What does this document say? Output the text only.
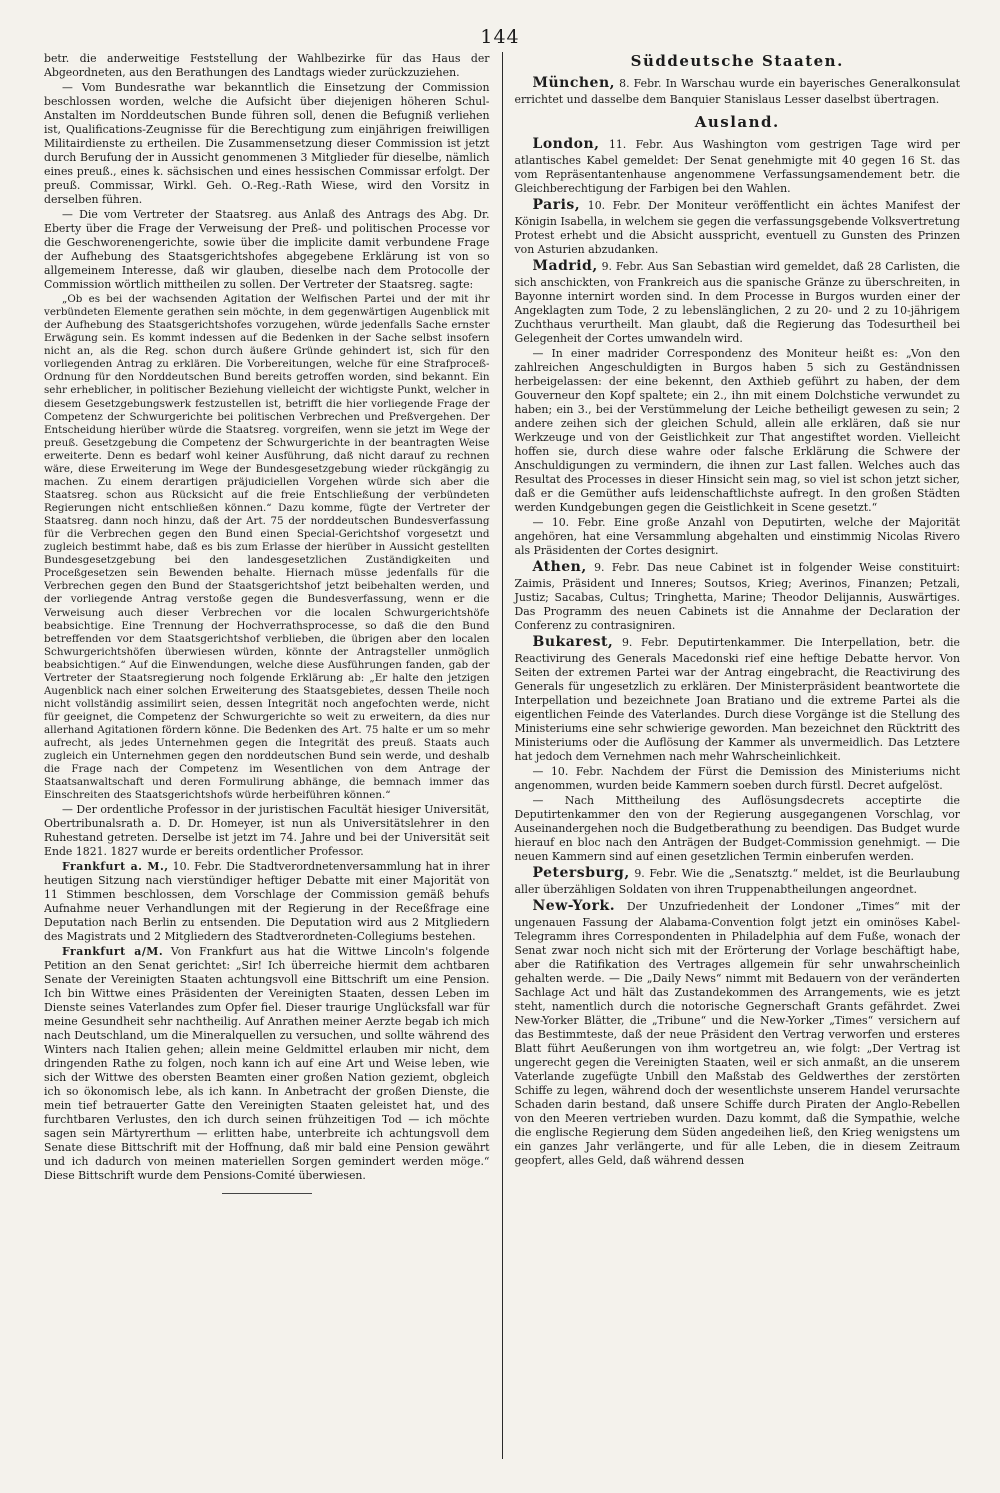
144

betr. die anderweitige Feststellung der Wahlbezirke für das Haus der Abgeordneten, aus den Berathungen des Landtags wieder zurückzuziehen.

— Vom Bundesrathe war bekanntlich die Einsetzung der Commission beschlossen worden, welche die Aufsicht über diejenigen höheren Schul-Anstalten im Norddeutschen Bunde führen soll, denen die Befugniß verliehen ist, Qualifications-Zeugnisse für die Berechtigung zum einjährigen freiwilligen Militairdienste zu ertheilen. Die Zusammensetzung dieser Commission ist jetzt durch Berufung der in Aussicht genommenen 3 Mitglieder für dieselbe, nämlich eines preuß., eines k. sächsischen und eines hessischen Commissar erfolgt. Der preuß. Commissar, Wirkl. Geh. O.-Reg.-Rath Wiese, wird den Vorsitz in derselben führen.

— Die vom Vertreter der Staatsreg. aus Anlaß des Antrags des Abg. Dr. Eberty über die Frage der Verweisung der Preß- und politischen Processe vor die Geschworenengerichte, sowie über die implicite damit verbundene Frage der Aufhebung des Staatsgerichtshofes abgegebene Erklärung ist von so allgemeinem Interesse, daß wir glauben, dieselbe nach dem Protocolle der Commission wörtlich mittheilen zu sollen. Der Vertreter der Staatsreg. sagte:

„Ob es bei der wachsenden Agitation der Welfischen Partei und der mit ihr verbündeten Elemente gerathen sein möchte, in dem gegenwärtigen Augenblick mit der Aufhebung des Staatsgerichtshofes vorzugehen, würde jedenfalls Sache ernster Erwägung sein. Es kommt indessen auf die Bedenken in der Sache selbst insofern nicht an, als die Reg. schon durch äußere Gründe gehindert ist, sich für den vorliegenden Antrag zu erklären. Die Vorbereitungen, welche für eine Strafproceß-Ordnung für den Norddeutschen Bund bereits getroffen worden, sind bekannt. Ein sehr erheblicher, in politischer Beziehung vielleicht der wichtigste Punkt, welcher in diesem Gesetzgebungswerk festzustellen ist, betrifft die hier vorliegende Frage der Competenz der Schwurgerichte bei politischen Verbrechen und Preßvergehen. Der Entscheidung hierüber würde die Staatsreg. vorgreifen, wenn sie jetzt im Wege der preuß. Gesetzgebung die Competenz der Schwurgerichte in der beantragten Weise erweiterte. Denn es bedarf wohl keiner Ausführung, daß nicht darauf zu rechnen wäre, diese Erweiterung im Wege der Bundesgesetzgebung wieder rückgängig zu machen. Zu einem derartigen präjudiciellen Vorgehen würde sich aber die Staatsreg. schon aus Rücksicht auf die freie Entschließung der verbündeten Regierungen nicht entschließen können.“ Dazu komme, fügte der Vertreter der Staatsreg. dann noch hinzu, daß der Art. 75 der norddeutschen Bundesverfassung für die Verbrechen gegen den Bund einen Special-Gerichtshof vorgesetzt und zugleich bestimmt habe, daß es bis zum Erlasse der hierüber in Aussicht gestellten Bundesgesetzgebung bei den landesgesetzlichen Zuständigkeiten und Proceßgesetzen sein Bewenden behalte. Hiernach müsse jedenfalls für die Verbrechen gegen den Bund der Staatsgerichtshof jetzt beibehalten werden, und der vorliegende Antrag verstoße gegen die Bundesverfassung, wenn er die Verweisung auch dieser Verbrechen vor die localen Schwurgerichtshöfe beabsichtige. Eine Trennung der Hochverrathsprocesse, so daß die den Bund betreffenden vor dem Staatsgerichtshof verblieben, die übrigen aber den localen Schwurgerichtshöfen überwiesen würden, könnte der Antragsteller unmöglich beabsichtigen.“ Auf die Einwendungen, welche diese Ausführungen fanden, gab der Vertreter der Staatsregierung noch folgende Erklärung ab: „Er halte den jetzigen Augenblick nach einer solchen Erweiterung des Staatsgebietes, dessen Theile noch nicht vollständig assimilirt seien, dessen Integrität noch angefochten werde, nicht für geeignet, die Competenz der Schwurgerichte so weit zu erweitern, da dies nur allerhand Agitationen fördern könne. Die Bedenken des Art. 75 halte er um so mehr aufrecht, als jedes Unternehmen gegen die Integrität des preuß. Staats auch zugleich ein Unternehmen gegen den norddeutschen Bund sein werde, und deshalb die Frage nach der Competenz im Wesentlichen von dem Antrage der Staatsanwaltschaft und deren Formulirung abhänge, die bemnach immer das Einschreiten des Staatsgerichtshofs würde herbeiführen können.“

— Der ordentliche Professor in der juristischen Facultät hiesiger Universität, Obertribunalsrath a. D. Dr. Homeyer, ist nun als Universitätslehrer in den Ruhestand getreten. Derselbe ist jetzt im 74. Jahre und bei der Universität seit Ende 1821. 1827 wurde er bereits ordentlicher Professor.

Frankfurt a. M., 10. Febr. Die Stadtverordnetenversammlung hat in ihrer heutigen Sitzung nach vierstündiger heftiger Debatte mit einer Majorität von 11 Stimmen beschlossen, dem Vorschlage der Commission gemäß behufs Aufnahme neuer Verhandlungen mit der Regierung in der Receßfrage eine Deputation nach Berlin zu entsenden. Die Deputation wird aus 2 Mitgliedern des Magistrats und 2 Mitgliedern des Stadtverordneten-Collegiums bestehen.

Frankfurt a/M. Von Frankfurt aus hat die Wittwe Lincoln's folgende Petition an den Senat gerichtet: „Sir! Ich überreiche hiermit dem achtbaren Senate der Vereinigten Staaten achtungsvoll eine Bittschrift um eine Pension. Ich bin Wittwe eines Präsidenten der Vereinigten Staaten, dessen Leben im Dienste seines Vaterlandes zum Opfer fiel. Dieser traurige Unglücksfall war für meine Gesundheit sehr nachtheilig. Auf Anrathen meiner Aerzte begab ich mich nach Deutschland, um die Mineralquellen zu versuchen, und sollte während des Winters nach Italien gehen; allein meine Geldmittel erlauben mir nicht, dem dringenden Rathe zu folgen, noch kann ich auf eine Art und Weise leben, wie sich der Wittwe des obersten Beamten einer großen Nation geziemt, obgleich ich so ökonomisch lebe, als ich kann. In Anbetracht der großen Dienste, die mein tief betrauerter Gatte den Vereinigten Staaten geleistet hat, und des furchtbaren Verlustes, den ich durch seinen frühzeitigen Tod — ich möchte sagen sein Märtyrerthum — erlitten habe, unterbreite ich achtungsvoll dem Senate diese Bittschrift mit der Hoffnung, daß mir bald eine Pension gewährt und ich dadurch von meinen materiellen Sorgen gemindert werden möge.“ Diese Bittschrift wurde dem Pensions-Comité überwiesen.

Süddeutsche Staaten.

München, 8. Febr. In Warschau wurde ein bayerisches Generalkonsulat errichtet und dasselbe dem Banquier Stanislaus Lesser daselbst übertragen.

Ausland.

London, 11. Febr. Aus Washington vom gestrigen Tage wird per atlantisches Kabel gemeldet: Der Senat genehmigte mit 40 gegen 16 St. das vom Repräsentantenhause angenommene Verfassungsamendement betr. die Gleichberechtigung der Farbigen bei den Wahlen.

Paris, 10. Febr. Der Moniteur veröffentlicht ein ächtes Manifest der Königin Isabella, in welchem sie gegen die verfassungsgebende Volksvertretung Protest erhebt und die Absicht ausspricht, eventuell zu Gunsten des Prinzen von Asturien abzudanken.

Madrid, 9. Febr. Aus San Sebastian wird gemeldet, daß 28 Carlisten, die sich anschickten, von Frankreich aus die spanische Gränze zu überschreiten, in Bayonne internirt worden sind. In dem Processe in Burgos wurden einer der Angeklagten zum Tode, 2 zu lebenslänglichen, 2 zu 20- und 2 zu 10-jährigem Zuchthaus verurtheilt. Man glaubt, daß die Regierung das Todesurtheil bei Gelegenheit der Cortes umwandeln wird.

— In einer madrider Correspondenz des Moniteur heißt es: „Von den zahlreichen Angeschuldigten in Burgos haben 5 sich zu Geständnissen herbeigelassen: der eine bekennt, den Axthieb geführt zu haben, der dem Gouverneur den Kopf spaltete; ein 2., ihn mit einem Dolchstiche verwundet zu haben; ein 3., bei der Verstümmelung der Leiche betheiligt gewesen zu sein; 2 andere zeihen sich der gleichen Schuld, allein alle erklären, daß sie nur Werkzeuge und von der Geistlichkeit zur That angestiftet worden. Vielleicht hoffen sie, durch diese wahre oder falsche Erklärung die Schwere der Anschuldigungen zu vermindern, die ihnen zur Last fallen. Welches auch das Resultat des Processes in dieser Hinsicht sein mag, so viel ist schon jetzt sicher, daß er die Gemüther aufs leidenschaftlichste aufregt. In den großen Städten werden Kundgebungen gegen die Geistlichkeit in Scene gesetzt.“

— 10. Febr. Eine große Anzahl von Deputirten, welche der Majorität angehören, hat eine Versammlung abgehalten und einstimmig Nicolas Rivero als Präsidenten der Cortes designirt.

Athen, 9. Febr. Das neue Cabinet ist in folgender Weise constituirt: Zaimis, Präsident und Inneres; Soutsos, Krieg; Averinos, Finanzen; Petzali, Justiz; Sacabas, Cultus; Tringhetta, Marine; Theodor Delijannis, Auswärtiges. Das Programm des neuen Cabinets ist die Annahme der Declaration der Conferenz zu contrasigniren.

Bukarest, 9. Febr. Deputirtenkammer. Die Interpellation, betr. die Reactivirung des Generals Macedonski rief eine heftige Debatte hervor. Von Seiten der extremen Partei war der Antrag eingebracht, die Reactivirung des Generals für ungesetzlich zu erklären. Der Ministerpräsident beantwortete die Interpellation und bezeichnete Joan Bratiano und die extreme Partei als die eigentlichen Feinde des Vaterlandes. Durch diese Vorgänge ist die Stellung des Ministeriums eine sehr schwierige geworden. Man bezeichnet den Rücktritt des Ministeriums oder die Auflösung der Kammer als unvermeidlich. Das Letztere hat jedoch dem Vernehmen nach mehr Wahrscheinlichkeit.

— 10. Febr. Nachdem der Fürst die Demission des Ministeriums nicht angenommen, wurden beide Kammern soeben durch fürstl. Decret aufgelöst.

— Nach Mittheilung des Auflösungsdecrets acceptirte die Deputirtenkammer den von der Regierung ausgegangenen Vorschlag, vor Auseinandergehen noch die Budgetberathung zu beendigen. Das Budget wurde hierauf en bloc nach den Anträgen der Budget-Commission genehmigt. — Die neuen Kammern sind auf einen gesetzlichen Termin einberufen werden.

Petersburg, 9. Febr. Wie die „Senatsztg.“ meldet, ist die Beurlaubung aller überzähligen Soldaten von ihren Truppenabtheilungen angeordnet.

New-York. Der Unzufriedenheit der Londoner „Times“ mit der ungenauen Fassung der Alabama-Convention folgt jetzt ein ominöses Kabel-Telegramm ihres Correspondenten in Philadelphia auf dem Fuße, wonach der Senat zwar noch nicht sich mit der Erörterung der Vorlage beschäftigt habe, aber die Ratifikation des Vertrages allgemein für sehr unwahrscheinlich gehalten werde. — Die „Daily News“ nimmt mit Bedauern von der veränderten Sachlage Act und hält das Zustandekommen des Arrangements, wie es jetzt steht, namentlich durch die notorische Gegnerschaft Grants gefährdet. Zwei New-Yorker Blätter, die „Tribune“ und die New-Yorker „Times“ versichern auf das Bestimmteste, daß der neue Präsident den Vertrag verworfen und ersteres Blatt führt Aeußerungen von ihm wortgetreu an, wie folgt: „Der Vertrag ist ungerecht gegen die Vereinigten Staaten, weil er sich anmaßt, an die unserem Vaterlande zugefügte Unbill den Maßstab des Geldwerthes der zerstörten Schiffe zu legen, während doch der wesentlichste unserem Handel verursachte Schaden darin bestand, daß unsere Schiffe durch Piraten der Anglo-Rebellen von den Meeren vertrieben wurden. Dazu kommt, daß die Sympathie, welche die englische Regierung dem Süden angedeihen ließ, den Krieg wenigstens um ein ganzes Jahr verlängerte, und für alle Leben, die in diesem Zeitraum geopfert, alles Geld, daß während dessen
